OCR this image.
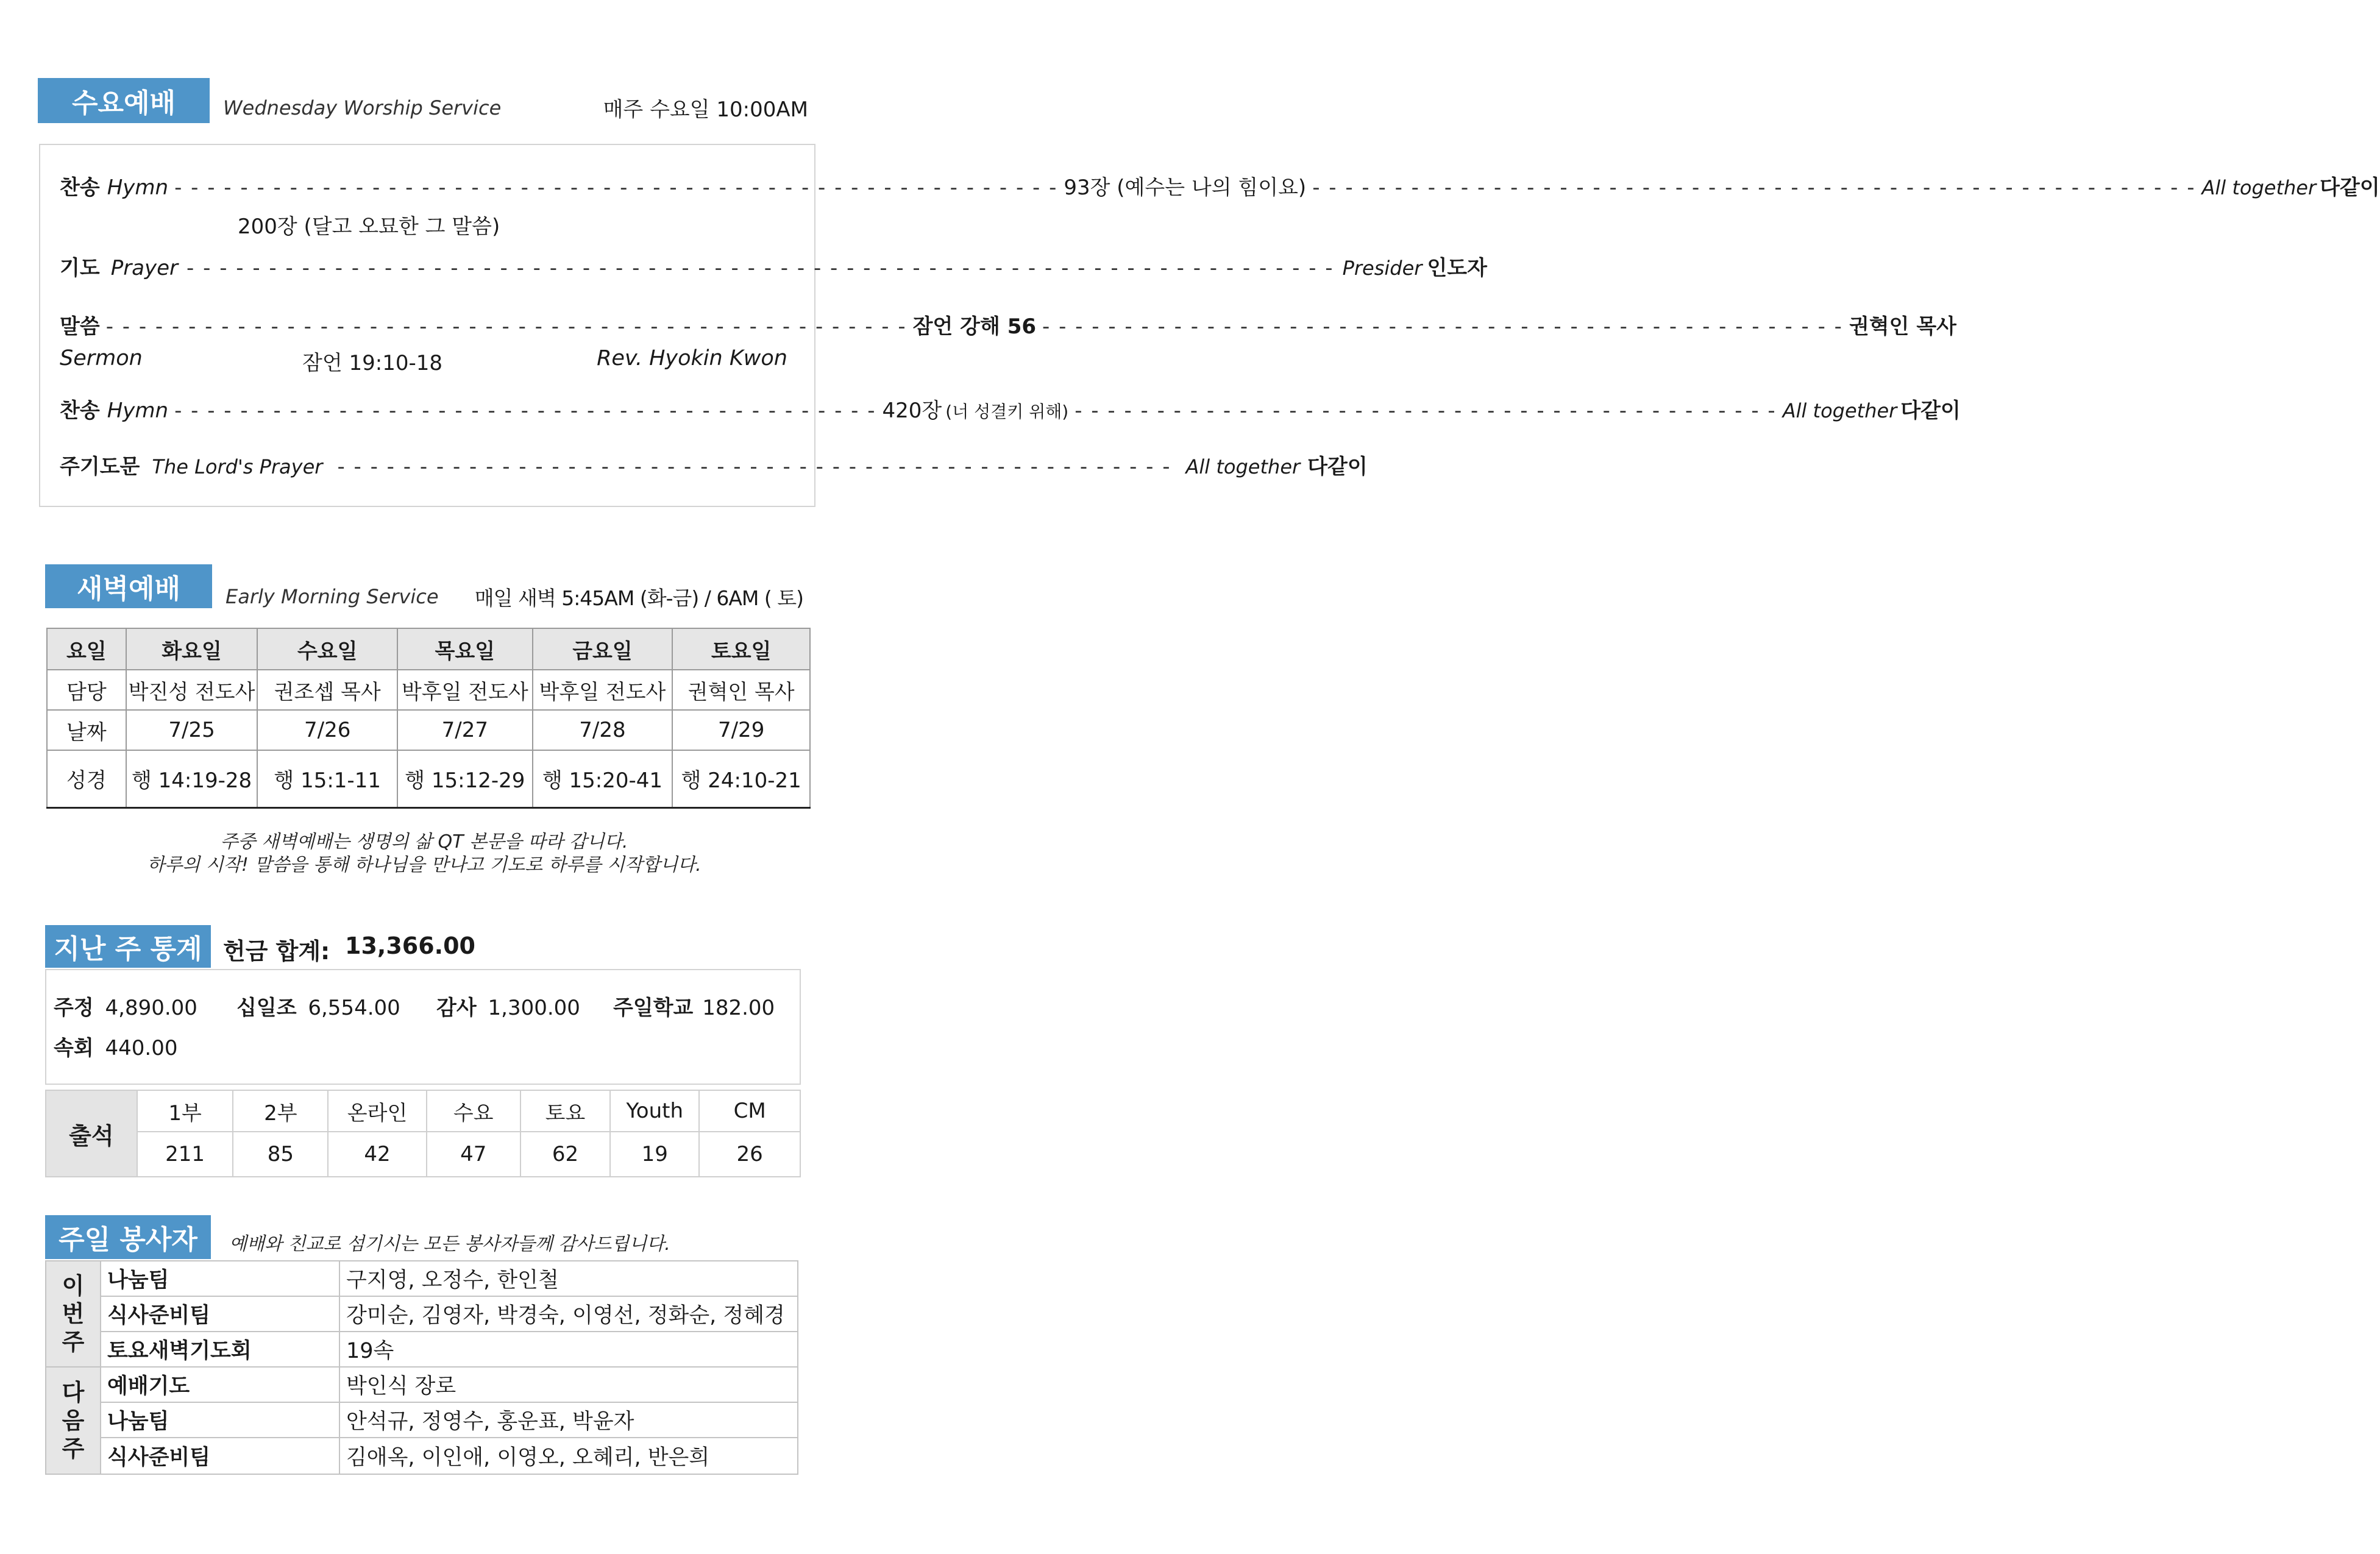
수요예배	Wednesday Worship Service	매주 수요일 10:00AM
찬송 Hymn - - - - - - - - - - - - - - - - - - - - - - - - - - - - - - - - - - - - - - - - - - - - - - - - - - - - - - 93장 (예수는 나의 힘이요) - - - - - - - - - - - - - - - - - - - - - - - - - - - - - - - - - - - - - - - - - - - - - - - - - - - - - - All together 다같이
200장 (달고 오묘한 그 말씀)
기도 Prayer - - - - - - - - - - - - - - - - - - - - - - - - - - - - - - - - - - - - - - - - - - - - - - - - - - - - - - - - - - - - - - - - - - - - - - Presider 인도자
말씀 - - - - - - - - - - - - - - - - - - - - - - - - - - - - - - - - - - - - - - - - - - - - - - - - - 잠언 강해 56 - - - - - - - - - - - - - - - - - - - - - - - - - - - - - - - - - - - - - - - - - - - - - - - - - 권혁인 목사
Sermon	잠언 19:10-18	Rev. Hyokin Kwon
찬송 Hymn - - - - - - - - - - - - - - - - - - - - - - - - - - - - - - - - - - - - - - - - - - - 420장 (너 성결키 위해) - - - - - - - - - - - - - - - - - - - - - - - - - - - - - - - - - - - - - - - - - - - All together 다같이
주기도문 The Lord's Prayer - - - - - - - - - - - - - - - - - - - - - - - - - - - - - - - - - - - - - - - - - - - - - - - - - - - All together 다같이
새벽예배	Early Morning Service 매일 새벽 5:45AM (화-금) / 6AM ( 토)
요일	화요일	수요일	목요일	금요일	토요일
담당	박진성 전도사	권조셉 목사	박후일 전도사	박후일 전도사	권혁인 목사
날짜	7/25	7/26	7/27	7/28	7/29
성경	행 14:19-28	행 15:1-11	행 15:12-29	행 15:20-41	행 24:10-21
주중 새벽예배는 생명의 삶 QT 본문을 따라 갑니다.
하루의 시작! 말씀을 통해 하나님을 만나고 기도로 하루를 시작합니다.
지난 주 통계 헌금 합계: 13,366.00
주정 4,890.00 십일조 6,554.00 감사 1,300.00 주일학교 182.00
속회 440.00
출석	1부	2부	온라인	수요	토요	Youth	CM
	211	85	42	47	62	19	26
주일 봉사자	예배와 친교로 섬기시는 모든 봉사자들께 감사드립니다.
이
번
주	나눔팀	구지영, 오정수, 한인철
	식사준비팀	강미순, 김영자, 박경숙, 이영선, 정화순, 정혜경
	토요새벽기도회	19속

다
음
주	예배기도	박인식 장로
	나눔팀	안석규, 정영수, 홍운표, 박윤자
	식사준비팀	김애옥, 이인애, 이영오, 오혜리, 반은희
